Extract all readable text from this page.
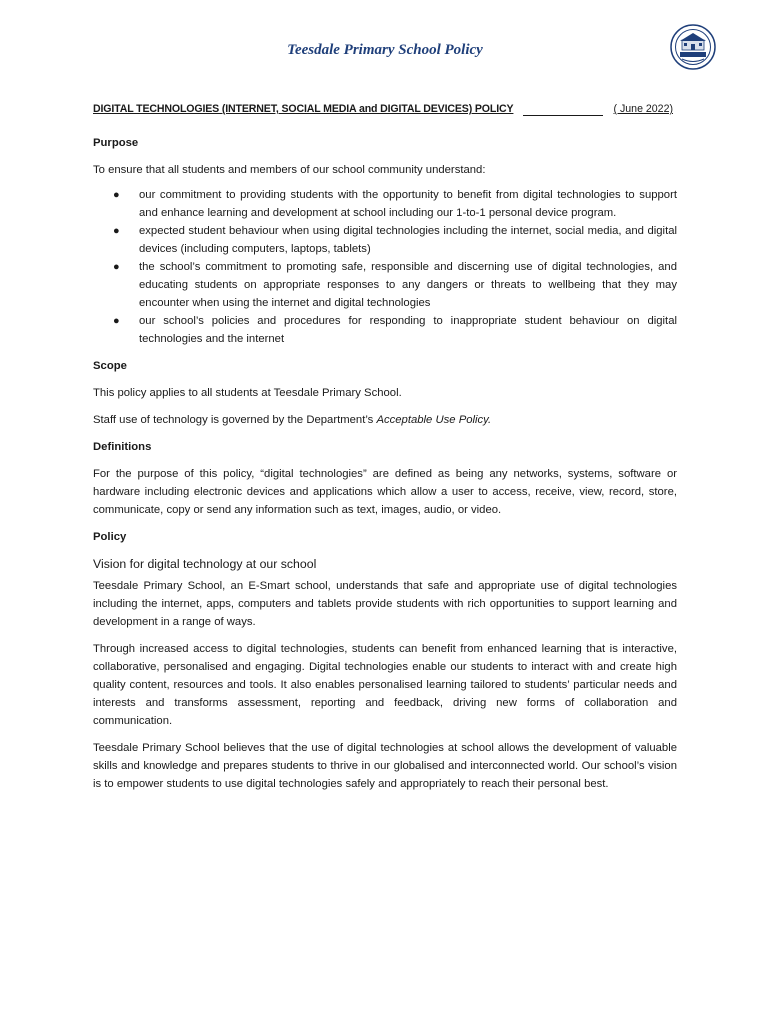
Teesdale Primary School Policy
DIGITAL TECHNOLOGIES (INTERNET, SOCIAL MEDIA and DIGITAL DEVICES) POLICY	( June 2022)
Purpose

To ensure that all students and members of our school community understand:

● our commitment to providing students with the opportunity to benefit from digital technologies to support and enhance learning and development at school including our 1-to-1 personal device program.
● expected student behaviour when using digital technologies including the internet, social media, and digital devices (including computers, laptops, tablets)
● the school’s commitment to promoting safe, responsible and discerning use of digital technologies, and educating students on appropriate responses to any dangers or threats to wellbeing that they may encounter when using the internet and digital technologies
● our school’s policies and procedures for responding to inappropriate student behaviour on digital technologies and the internet
Scope

This policy applies to all students at Teesdale Primary School.

Staff use of technology is governed by the Department’s Acceptable Use Policy.

Definitions

For the purpose of this policy, “digital technologies” are defined as being any networks, systems, software or hardware including electronic devices and applications which allow a user to access, receive, view, record, store, communicate, copy or send any information such as text, images, audio, or video.

Policy
Vision for digital technology at our school

Teesdale Primary School, an E-Smart school, understands that safe and appropriate use of digital technologies including the internet, apps, computers and tablets provide students with rich opportunities to support learning and development in a range of ways.

Through increased access to digital technologies, students can benefit from enhanced learning that is interactive, collaborative, personalised and engaging. Digital technologies enable our students to interact with and create high quality content, resources and tools. It also enables personalised learning tailored to students’ particular needs and interests and transforms assessment, reporting and feedback, driving new forms of collaboration and communication.

Teesdale Primary School believes that the use of digital technologies at school allows the development of valuable skills and knowledge and prepares students to thrive in our globalised and interconnected world. Our school’s vision is to empower students to use digital technologies safely and appropriately to reach their personal best.
